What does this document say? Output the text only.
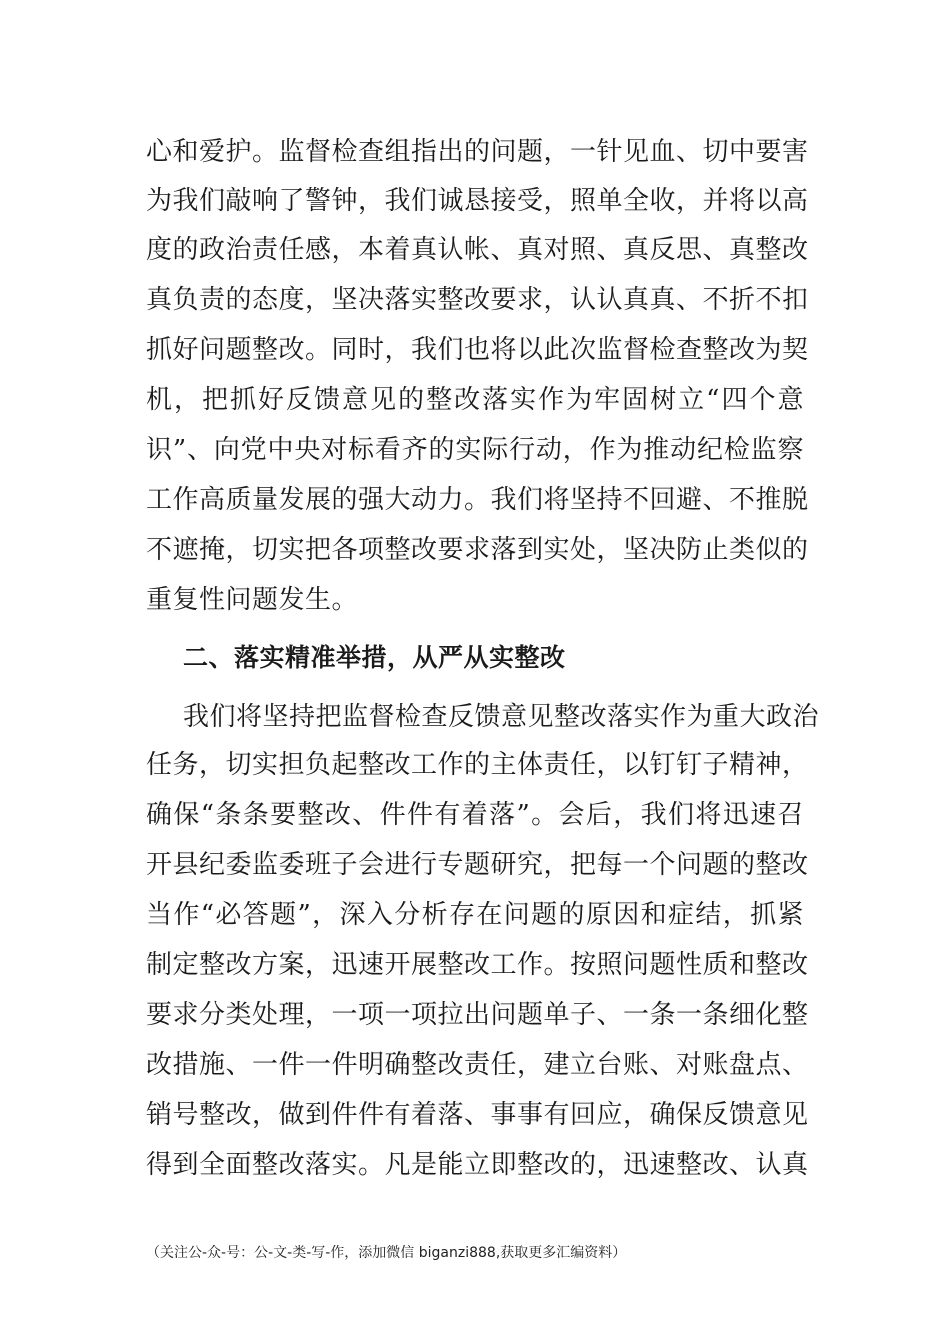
心和爱护。监督检查组指出的问题，一针见血、切中要害
为我们敲响了警钟，我们诚恳接受，照单全收，并将以高
度的政治责任感，本着真认帐、真对照、真反思、真整改
真负责的态度，坚决落实整改要求，认认真真、不折不扣
抓好问题整改。同时，我们也将以此次监督检查整改为契
机，把抓好反馈意见的整改落实作为牢固树立“四个意
识”、向党中央对标看齐的实际行动，作为推动纪检监察
工作高质量发展的强大动力。我们将坚持不回避、不推脱
不遮掩，切实把各项整改要求落到实处，坚决防止类似的
重复性问题发生。
二、落实精准举措，从严从实整改
我们将坚持把监督检查反馈意见整改落实作为重大政治
任务，切实担负起整改工作的主体责任，以钉钉子精神，
确保“条条要整改、件件有着落”。会后，我们将迅速召
开县纪委监委班子会进行专题研究，把每一个问题的整改
当作“必答题”，深入分析存在问题的原因和症结，抓紧
制定整改方案，迅速开展整改工作。按照问题性质和整改
要求分类处理，一项一项拉出问题单子、一条一条细化整
改措施、一件一件明确整改责任，建立台账、对账盘点、
销号整改，做到件件有着落、事事有回应，确保反馈意见
得到全面整改落实。凡是能立即整改的，迅速整改、认真
（关注公-众-号：公-文-类-写-作，添加微信 biganzi888,获取更多汇编资料）
